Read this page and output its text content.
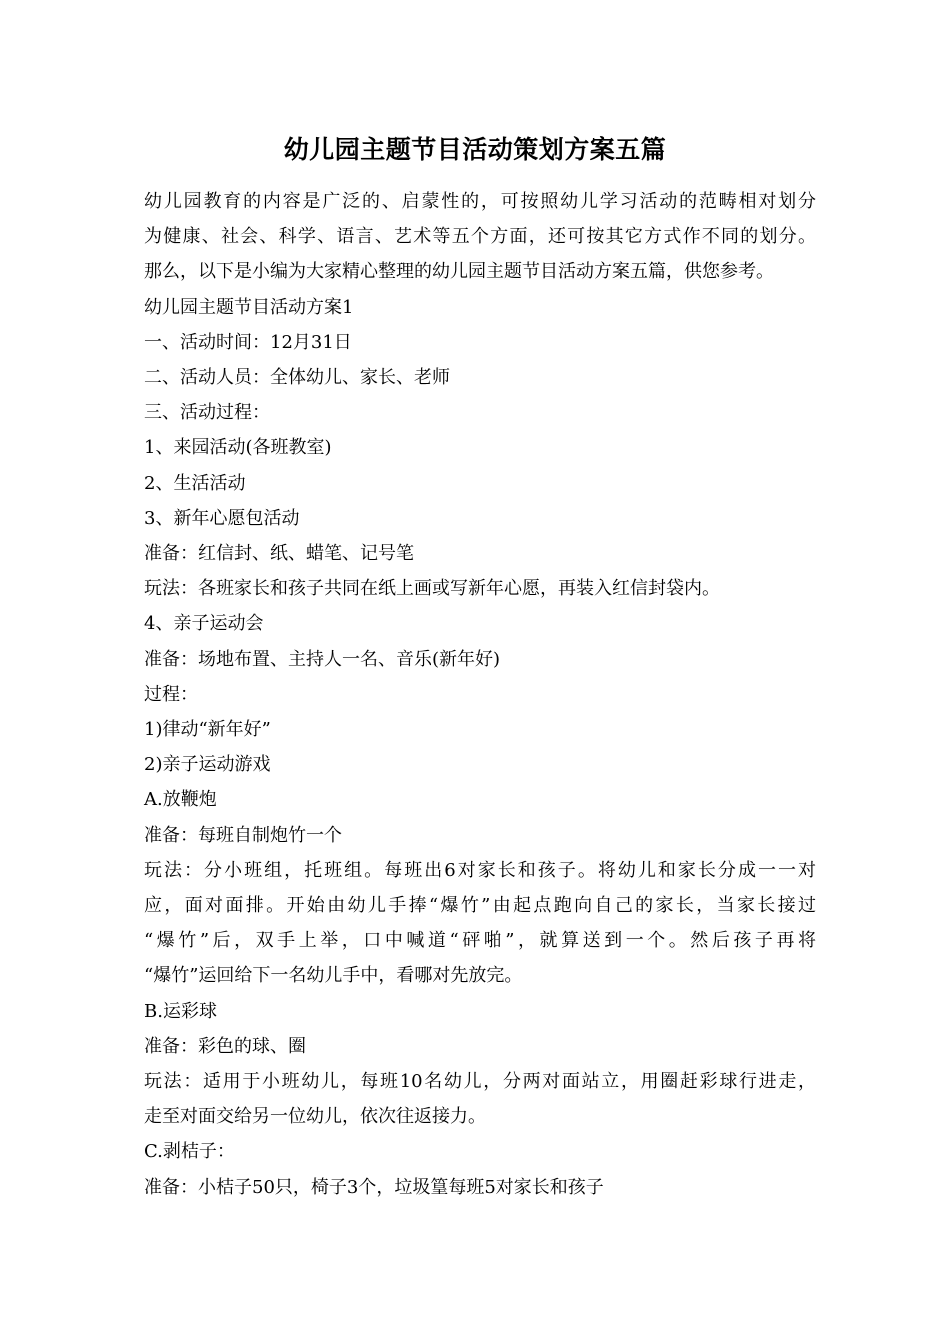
幼儿园主题节目活动策划方案五篇

幼儿园教育的内容是广泛的、启蒙性的，可按照幼儿学习活动的范畴相对划分

为健康、社会、科学、语言、艺术等五个方面，还可按其它方式作不同的划分。

那么，以下是小编为大家精心整理的幼儿园主题节目活动方案五篇，供您参考。

幼儿园主题节目活动方案1

一、活动时间：12月31日

二、活动人员：全体幼儿、家长、老师

三、活动过程：

1、来园活动(各班教室)

2、生活活动

3、新年心愿包活动

准备：红信封、纸、蜡笔、记号笔

玩法：各班家长和孩子共同在纸上画或写新年心愿，再装入红信封袋内。

4、亲子运动会

准备：场地布置、主持人一名、音乐(新年好)

过程：

1)律动“新年好”

2)亲子运动游戏

A.放鞭炮

准备：每班自制炮竹一个

玩法：分小班组，托班组。每班出6对家长和孩子。将幼儿和家长分成一一对

应，面对面排。开始由幼儿手捧“爆竹”由起点跑向自己的家长，当家长接过

“爆竹”后，双手上举，口中喊道“砰啪”，就算送到一个。然后孩子再将

“爆竹”运回给下一名幼儿手中，看哪对先放完。

B.运彩球

准备：彩色的球、圈

玩法：适用于小班幼儿，每班10名幼儿，分两对面站立，用圈赶彩球行进走，

走至对面交给另一位幼儿，依次往返接力。

C.剥桔子：

准备：小桔子50只，椅子3个，垃圾篁每班5对家长和孩子
